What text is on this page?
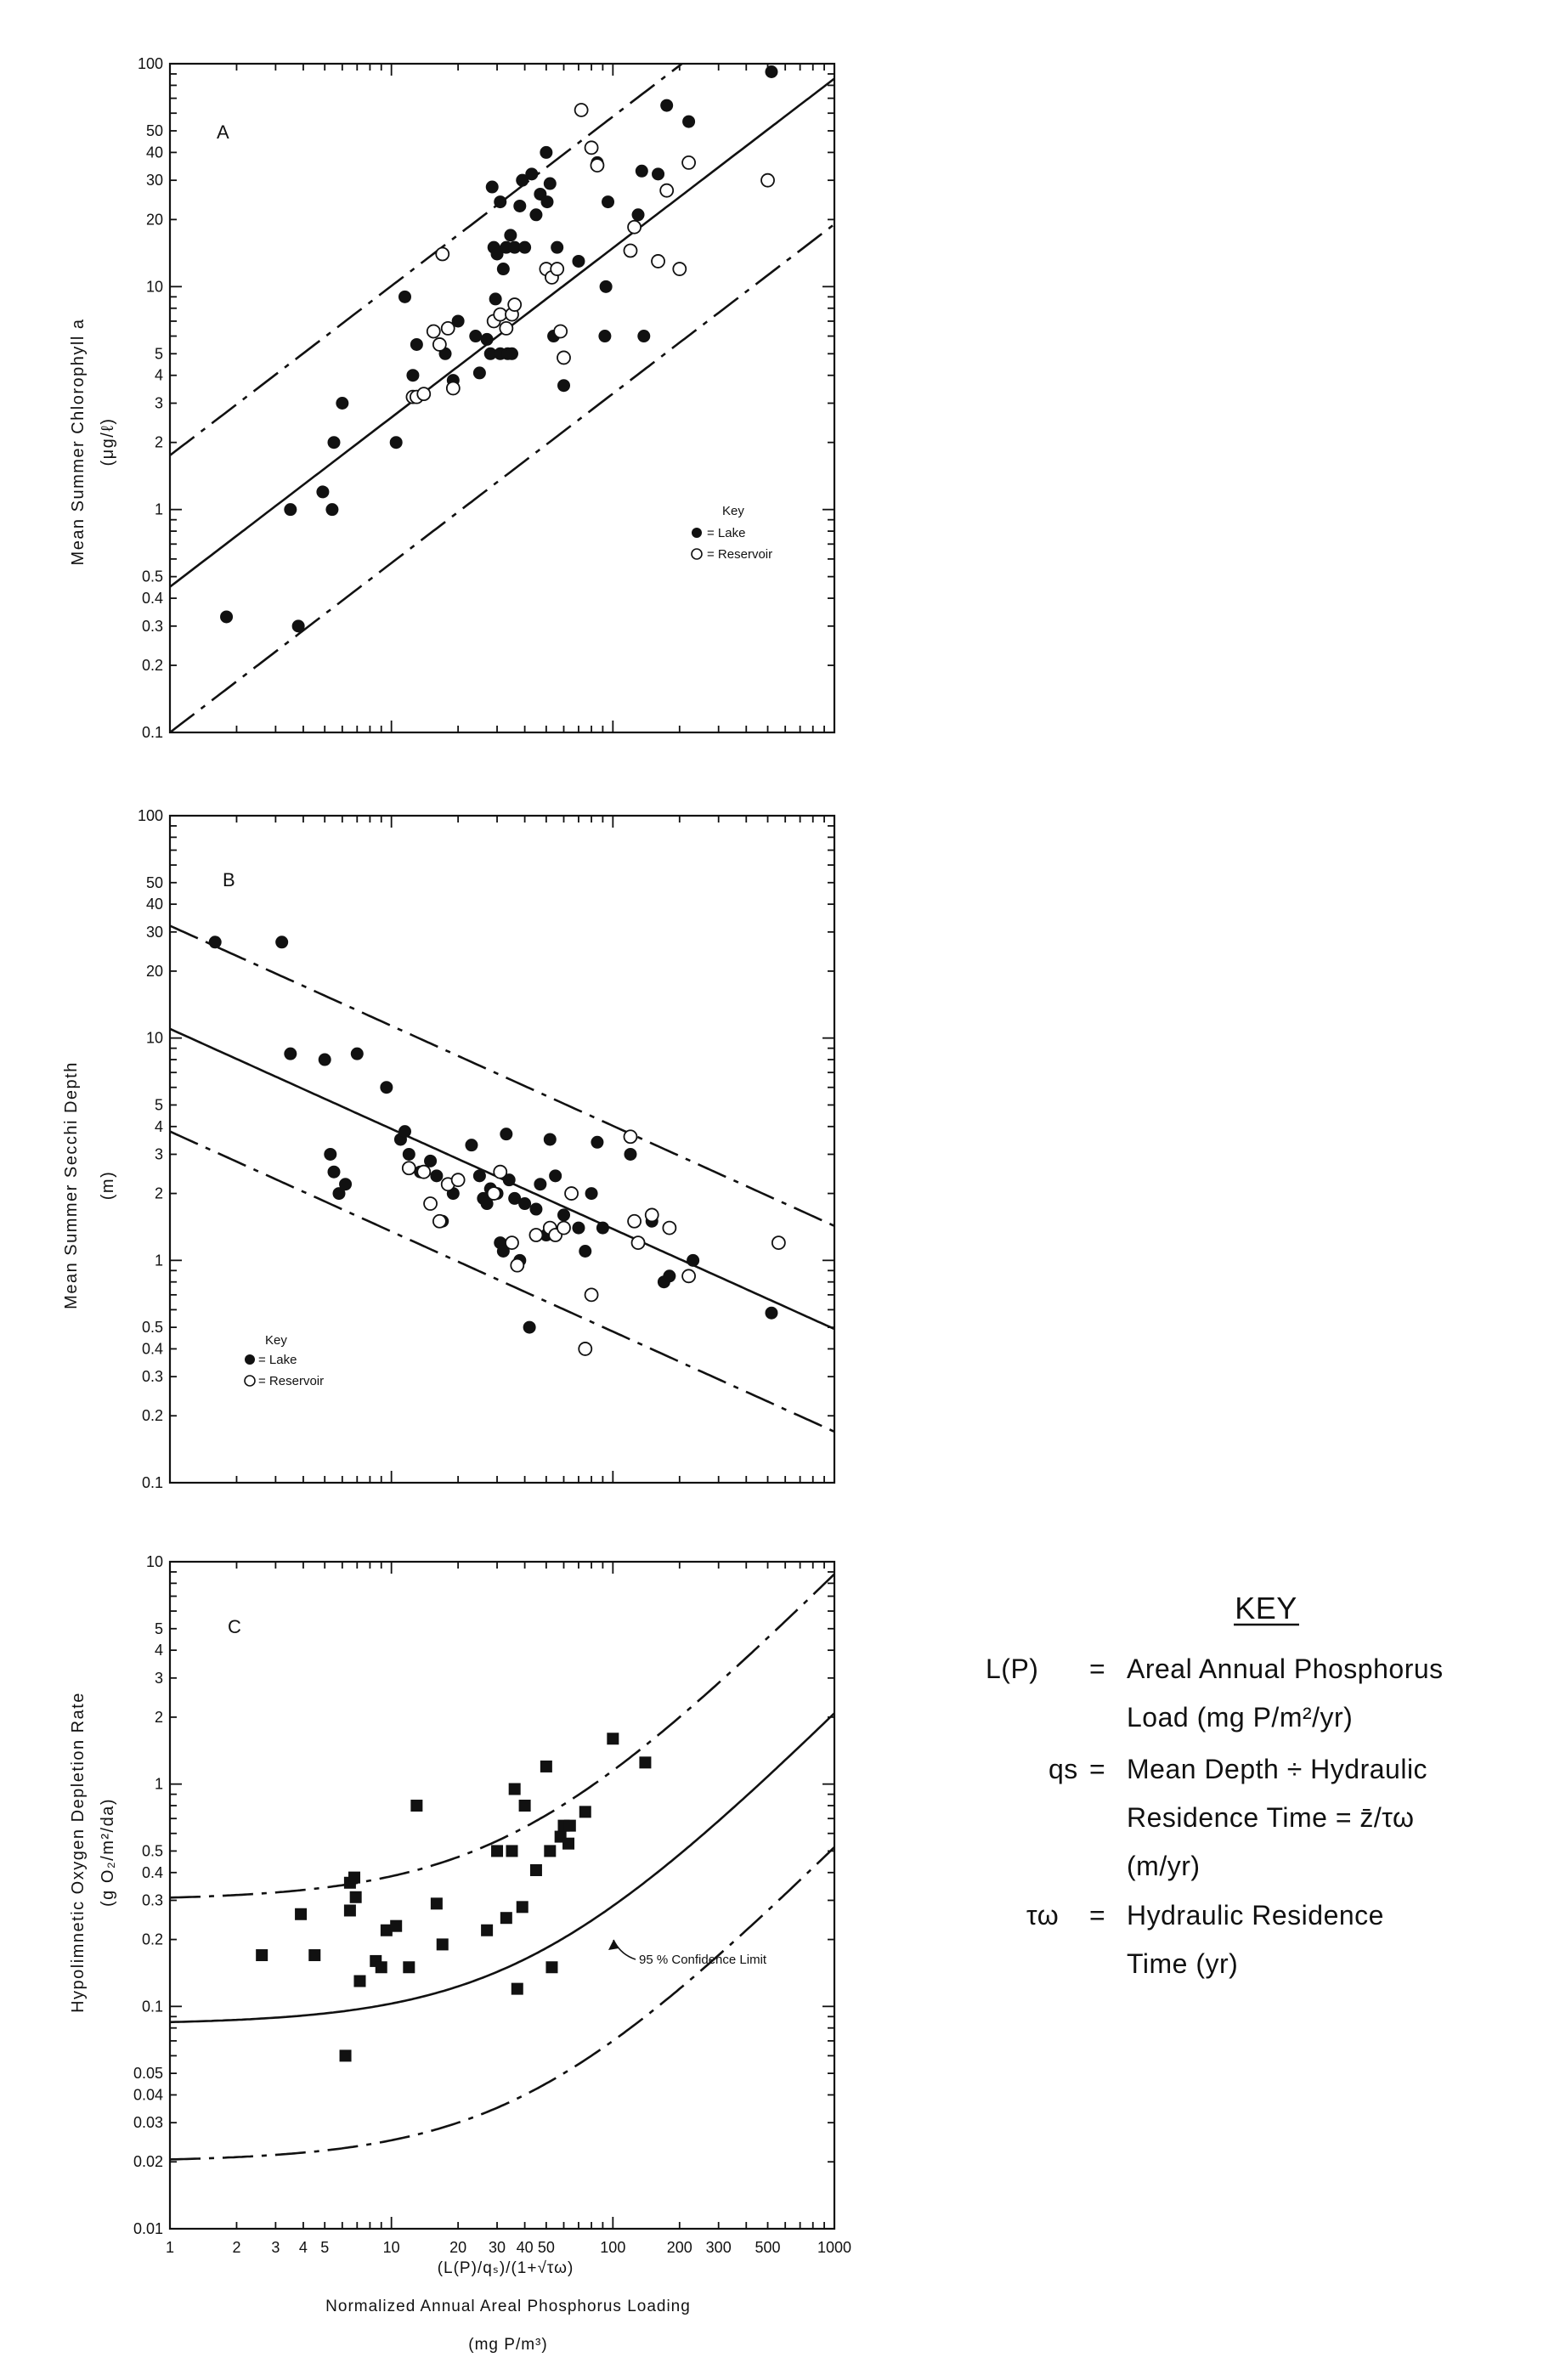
A
Mean Summer Chlorophyll a (μg/ℓ)
Key
= Lake
= Reservoir
0.1
0.2
0.3
0.4
0.5
1
2
3
4
5
10
20
30
40
50
100
B
Mean Summer Secchi Depth (m)
Key
= Lake
= Reservoir
0.1
0.2
0.3
0.4
0.5
1
2
3
4
5
10
20
30
40
50
100
C
Hypolimnetic Oxygen Depletion Rate (g O₂/m²/da)
95 % Confidence Limit
0.01
0.02
0.03
0.04
0.05
0.1
0.2
0.3
0.4
0.5
1
2
3
4
5
10
1	2 3 4 5	10	20 30 40 50	100	200 300 500 1000
(L(P)/qₛ)/(1+√τω)
Normalized Annual Areal Phosphorus Loading
(mg P/m³)
KEY
L(P) = Areal Annual Phosphorus
Load (mg P/m²/yr)
qs = Mean Depth ÷ Hydraulic
Residence Time = z̄/τω
(m/yr)
τω = Hydraulic Residence
Time (yr)
